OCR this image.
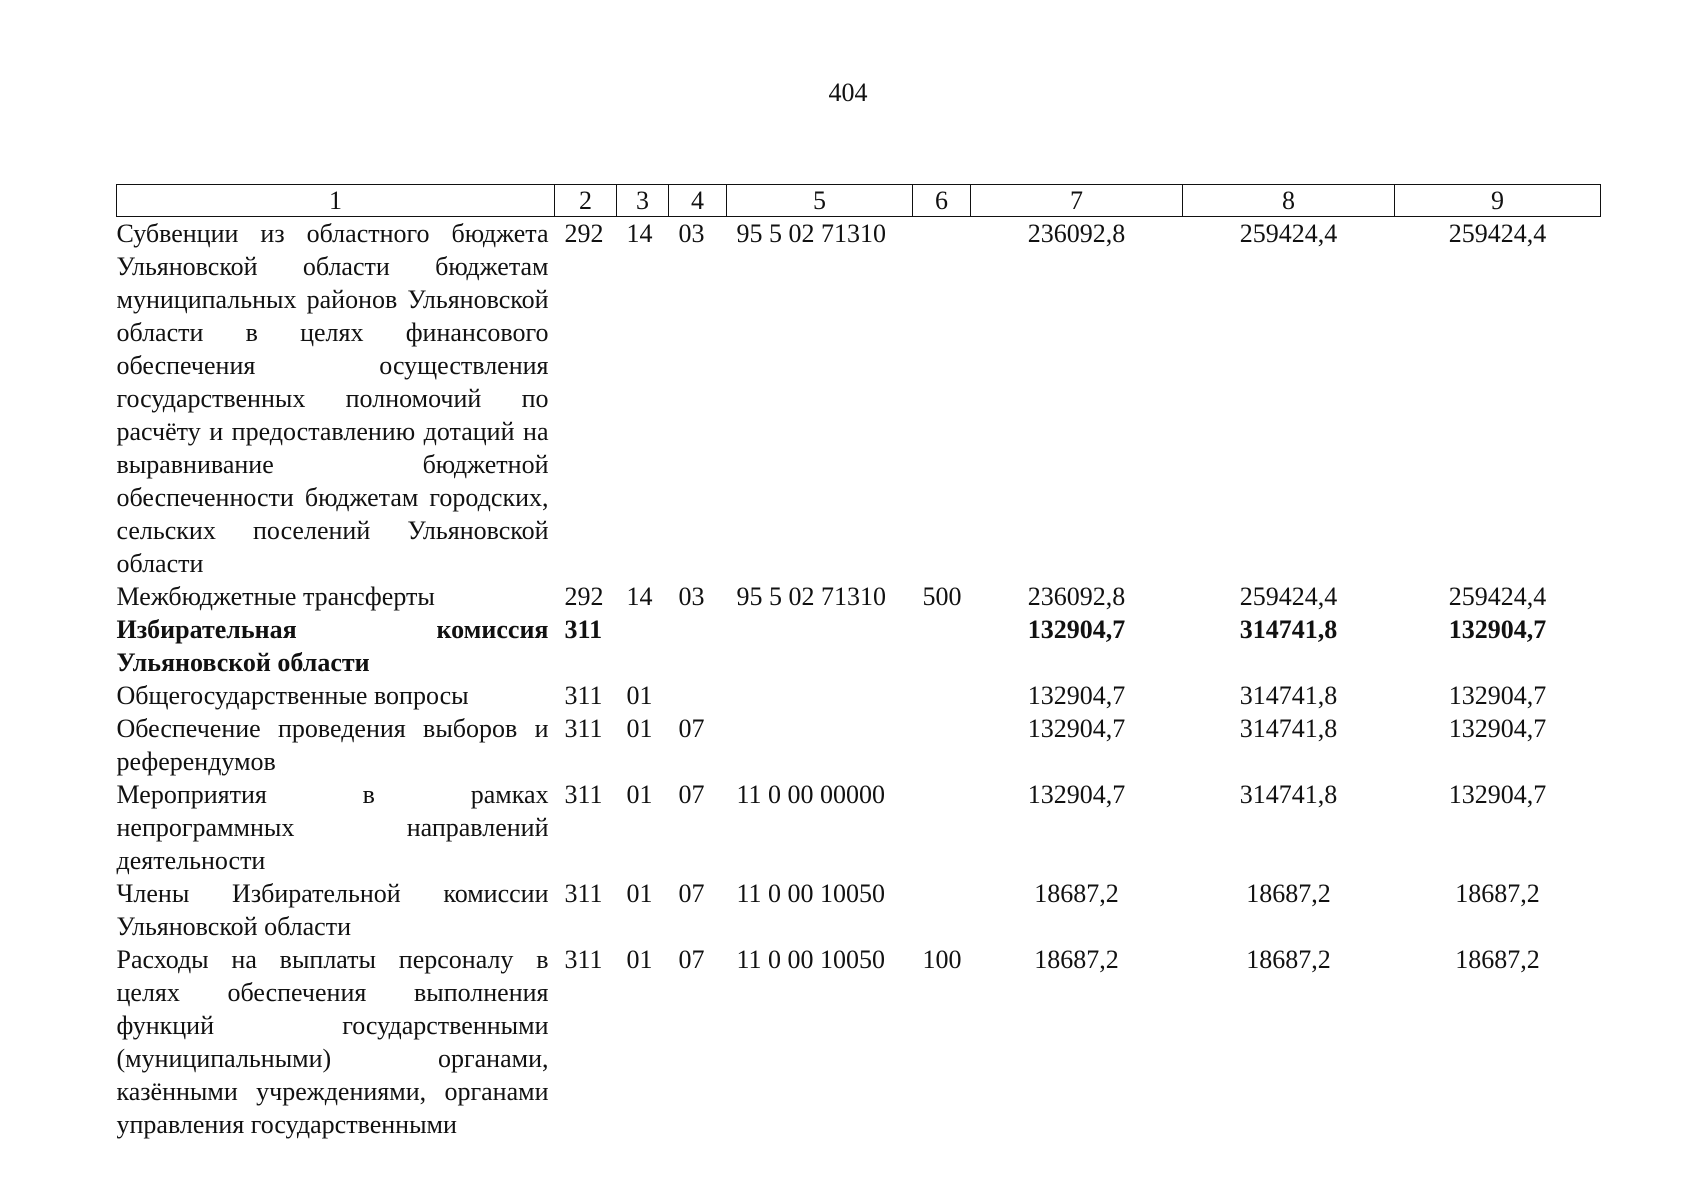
404
1	2	3	4	5	6	7	8	9
Субвенции из областного бюджета Ульяновской области бюджетам муниципальных районов Ульяновской области в целях финансового обеспечения осуществления государственных полномочий по расчёту и предоставлению дотаций на выравнивание бюджетной обеспеченности бюджетам городских, сельских поселений Ульяновской области	292	14	03	95 5 02 71310		236092,8	259424,4	259424,4
Межбюджетные трансферты	292	14	03	95 5 02 71310	500	236092,8	259424,4	259424,4
Избирательная комиссия Ульяновской области	311					132904,7	314741,8	132904,7
Общегосударственные вопросы	311	01				132904,7	314741,8	132904,7
Обеспечение проведения выборов и референдумов	311	01	07			132904,7	314741,8	132904,7
Мероприятия в рамках непрограммных направлений деятельности	311	01	07	11 0 00 00000		132904,7	314741,8	132904,7
Члены Избирательной комиссии Ульяновской области	311	01	07	11 0 00 10050		18687,2	18687,2	18687,2
Расходы на выплаты персоналу в целях обеспечения выполнения функций государственными (муниципальными) органами, казёнными учреждениями, органами управления государственными	311	01	07	11 0 00 10050	100	18687,2	18687,2	18687,2
